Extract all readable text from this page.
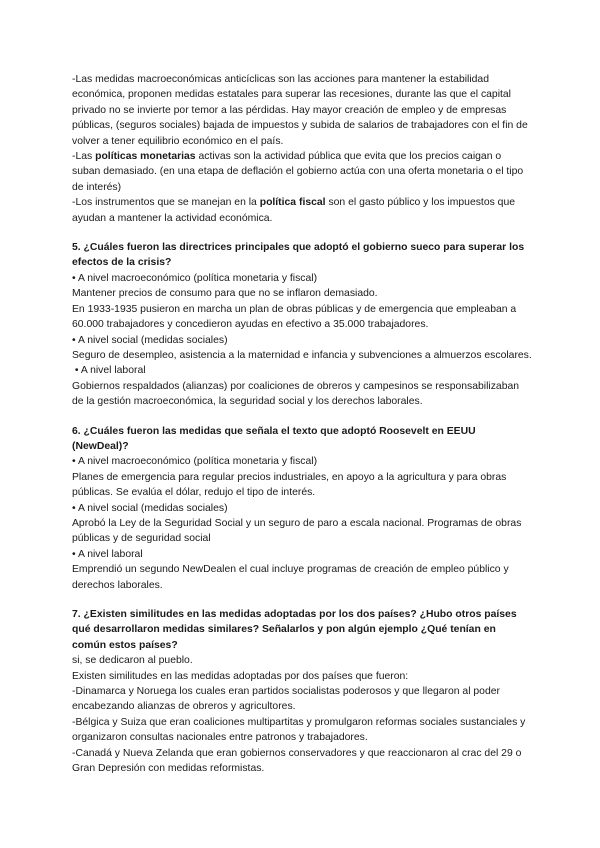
-Las medidas macroeconómicas anticíclicas son las acciones para mantener la estabilidad económica, proponen medidas estatales para superar las recesiones, durante las que el capital privado no se invierte por temor a las pérdidas. Hay mayor creación de empleo y de empresas públicas, (seguros sociales) bajada de impuestos y subida de salarios de trabajadores con el fin de volver a tener equilibrio económico en el país.

-Las políticas monetarias activas son la actividad pública que evita que los precios caigan o suban demasiado. (en una etapa de deflación el gobierno actúa con una oferta monetaria o el tipo de interés)

-Los instrumentos que se manejan en la política fiscal son el gasto público y los impuestos que ayudan a mantener la actividad económica.

5. ¿Cuáles fueron las directrices principales que adoptó el gobierno sueco para superar los efectos de la crisis?

• A nivel macroeconómico (política monetaria y fiscal)

Mantener precios de consumo para que no se inflaron demasiado.

En 1933-1935 pusieron en marcha un plan de obras públicas y de emergencia que empleaban a 60.000 trabajadores y concedieron ayudas en efectivo a 35.000 trabajadores.

• A nivel social (medidas sociales)

Seguro de desempleo, asistencia a la maternidad e infancia y subvenciones a almuerzos escolares.

• A nivel laboral

Gobiernos respaldados (alianzas) por coaliciones de obreros y campesinos se responsabilizaban de la gestión macroeconómica, la seguridad social y los derechos laborales.

6. ¿Cuáles fueron las medidas que señala el texto que adoptó Roosevelt en EEUU (NewDeal)?

• A nivel macroeconómico (política monetaria y fiscal)

Planes de emergencia para regular precios industriales, en apoyo a la agricultura y para obras públicas. Se evalúa el dólar, redujo el tipo de interés.

• A nivel social (medidas sociales)

Aprobó la Ley de la Seguridad Social y un seguro de paro a escala nacional. Programas de obras públicas y de seguridad social

• A nivel laboral

Emprendió un segundo NewDealen el cual incluye programas de creación de empleo público y derechos laborales.

7. ¿Existen similitudes en las medidas adoptadas por los dos países? ¿Hubo otros países qué desarrollaron medidas similares? Señalarlos y pon algún ejemplo ¿Qué tenían en común estos países?

si, se dedicaron al pueblo.

Existen similitudes en las medidas adoptadas por dos países que fueron:

-Dinamarca y Noruega los cuales eran partidos socialistas poderosos y que llegaron al poder encabezando alianzas de obreros y agricultores.

-Bélgica y Suiza que eran coaliciones multipartitas y promulgaron reformas sociales sustanciales y organizaron consultas nacionales entre patronos y trabajadores.

-Canadá y Nueva Zelanda que eran gobiernos conservadores y que reaccionaron al crac del 29 o Gran Depresión con medidas reformistas.
